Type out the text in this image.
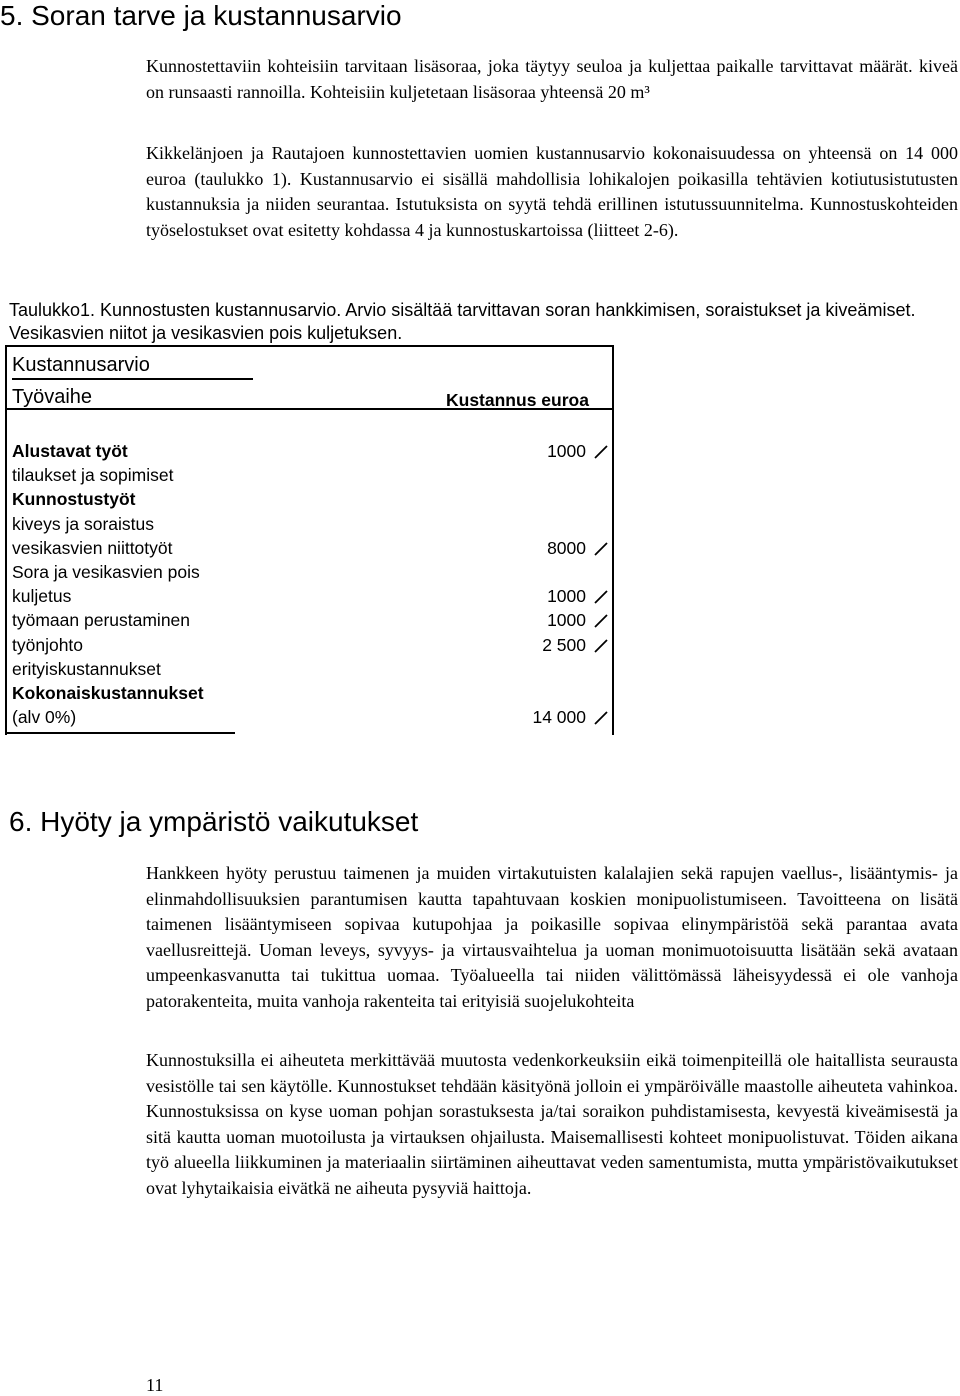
5. Soran tarve ja kustannusarvio
Kunnostettaviin kohteisiin tarvitaan lisäsoraa, joka täytyy seuloa ja kuljettaa paikalle tarvittavat määrät. kiveä on runsaasti rannoilla. Kohteisiin kuljetetaan lisäsoraa yhteensä 20 m³
Kikkelänjoen ja Rautajoen kunnostettavien uomien kustannusarvio kokonaisuudessa on yhteensä on 14 000 euroa (taulukko 1). Kustannusarvio ei sisällä mahdollisia lohikalojen poikasilla tehtävien kotiutusistutusten kustannuksia ja niiden seurantaa. Istutuksista on syytä tehdä erillinen istutussuunnitelma. Kunnostuskohteiden työselostukset ovat esitetty kohdassa 4 ja kunnostuskartoissa (liitteet 2-6).
Taulukko1. Kunnostusten kustannusarvio. Arvio sisältää tarvittavan soran hankkimisen, soraistukset ja kiveämiset. Vesikasvien niitot ja vesikasvien pois kuljetuksen.
Kustannusarvio
Työvaihe	Kustannus euroa
Alustavat työt	1000
tilaukset ja sopimiset
Kunnostustyöt
kiveys ja soraistus
vesikasvien niittotyöt	8000
Sora ja vesikasvien pois
kuljetus	1000
työmaan perustaminen	1000
työnjohto	2 500
erityiskustannukset
Kokonaiskustannukset
(alv 0%)	14 000
6. Hyöty ja ympäristö vaikutukset
Hankkeen hyöty perustuu taimenen ja muiden virtakutuisten kalalajien sekä rapujen vaellus-, lisääntymis- ja elinmahdollisuuksien parantumisen kautta tapahtuvaan koskien monipuolistumiseen. Tavoitteena on lisätä taimenen lisääntymiseen sopivaa kutupohjaa ja poikasille sopivaa elinympäristöä sekä parantaa avata vaellusreittejä. Uoman leveys, syvyys- ja virtausvaihtelua ja uoman monimuotoisuutta lisätään sekä avataan umpeenkasvanutta tai tukittua uomaa. Työalueella tai niiden välittömässä läheisyydessä ei ole vanhoja patorakenteita, muita vanhoja rakenteita tai erityisiä suojelukohteita
Kunnostuksilla ei aiheuteta merkittävää muutosta vedenkorkeuksiin eikä toimenpiteillä ole haitallista seurausta vesistölle tai sen käytölle. Kunnostukset tehdään käsityönä jolloin ei ympäröivälle maastolle aiheuteta vahinkoa. Kunnostuksissa on kyse uoman pohjan sorastuksesta ja/tai soraikon puhdistamisesta, kevyestä kiveämisestä ja sitä kautta uoman muotoilusta ja virtauksen ohjailusta. Maisemallisesti kohteet monipuolistuvat. Töiden aikana työ alueella liikkuminen ja materiaalin siirtäminen aiheuttavat veden samentumista, mutta ympäristövaikutukset ovat lyhytaikaisia eivätkä ne aiheuta pysyviä haittoja.
11
